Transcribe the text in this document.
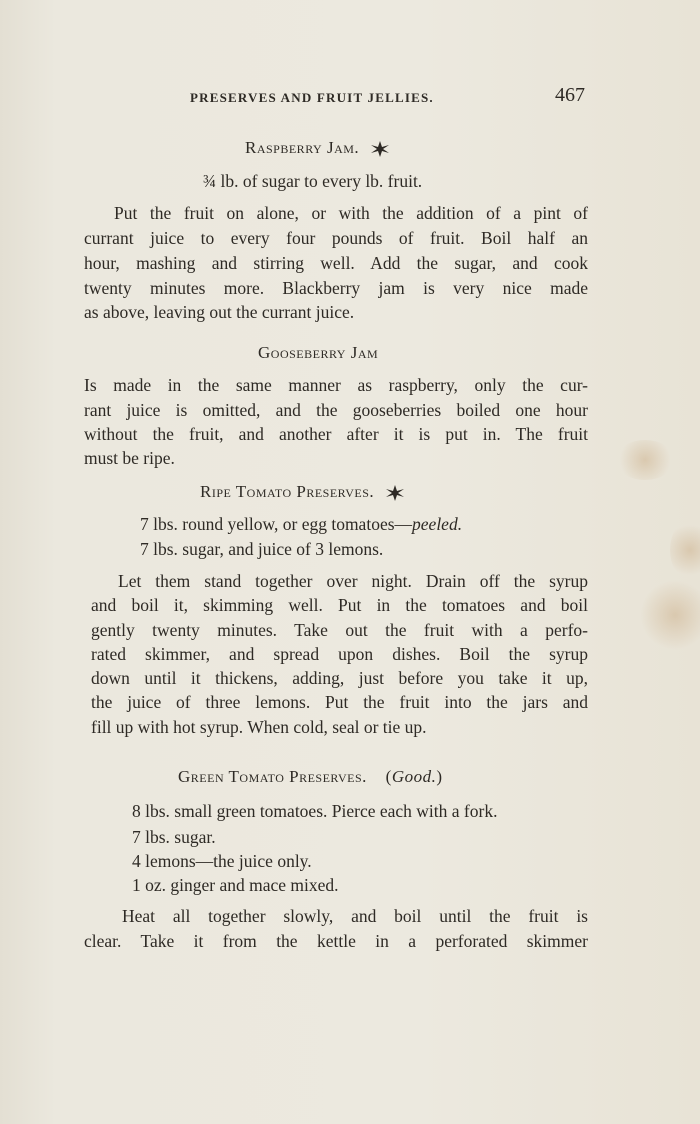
PRESERVES AND FRUIT JELLIES.	467
Raspberry Jam.
¾ lb. of sugar to every lb. fruit.
Put the fruit on alone, or with the addition of a pint of
currant juice to every four pounds of fruit. Boil half an
hour, mashing and stirring well. Add the sugar, and cook
twenty minutes more. Blackberry jam is very nice made
as above, leaving out the currant juice.
Gooseberry Jam
Is made in the same manner as raspberry, only the cur-
rant juice is omitted, and the gooseberries boiled one hour
without the fruit, and another after it is put in. The fruit
must be ripe.
Ripe Tomato Preserves.
7 lbs. round yellow, or egg tomatoes—peeled.
7 lbs. sugar, and juice of 3 lemons.
Let them stand together over night. Drain off the syrup
and boil it, skimming well. Put in the tomatoes and boil
gently twenty minutes. Take out the fruit with a perfo-
rated skimmer, and spread upon dishes. Boil the syrup
down until it thickens, adding, just before you take it up,
the juice of three lemons. Put the fruit into the jars and
fill up with hot syrup. When cold, seal or tie up.
Green Tomato Preserves. (Good.)
8 lbs. small green tomatoes. Pierce each with a fork.
7 lbs. sugar.
4 lemons—the juice only.
1 oz. ginger and mace mixed.
Heat all together slowly, and boil until the fruit is
clear. Take it from the kettle in a perforated skimmer
